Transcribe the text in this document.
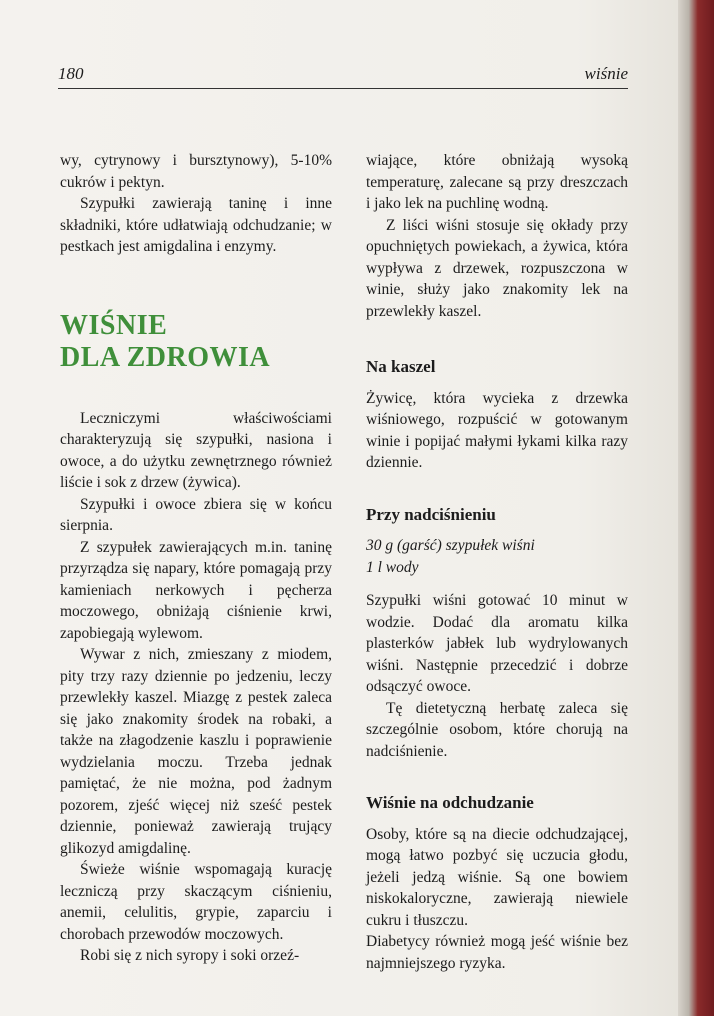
180	wiśnie

wy, cytrynowy i bursztynowy), 5-10% cukrów i pektyn.

Szypułki zawierają taninę i inne składniki, które udłatwiają odchudzanie; w pestkach jest amigdalina i enzymy.

WIŚNIE
DLA ZDROWIA

Leczniczymi właściwościami charakteryzują się szypułki, nasiona i owoce, a do użytku zewnętrznego również liście i sok z drzew (żywica).

Szypułki i owoce zbiera się w końcu sierpnia.

Z szypułek zawierających m.in. taninę przyrządza się napary, które pomagają przy kamieniach nerkowych i pęcherza moczowego, obniżają ciśnienie krwi, zapobiegają wylewom.

Wywar z nich, zmieszany z miodem, pity trzy razy dziennie po jedzeniu, leczy przewlekły kaszel. Miazgę z pestek zaleca się jako znakomity środek na robaki, a także na złagodzenie kaszlu i poprawienie wydzielania moczu. Trzeba jednak pamiętać, że nie można, pod żadnym pozorem, zjeść więcej niż sześć pestek dziennie, ponieważ zawierają trujący glikozyd amigdalinę.

Świeże wiśnie wspomagają kurację leczniczą przy skaczącym ciśnieniu, anemii, celulitis, grypie, zaparciu i chorobach przewodów moczowych.

Robi się z nich syropy i soki orzeź-

wiające, które obniżają wysoką temperaturę, zalecane są przy dreszczach i jako lek na puchlinę wodną.

Z liści wiśni stosuje się okłady przy opuchniętych powiekach, a żywica, która wypływa z drzewek, rozpuszczona w winie, służy jako znakomity lek na przewlekły kaszel.

Na kaszel

Żywicę, która wycieka z drzewka wiśniowego, rozpuścić w gotowanym winie i popijać małymi łykami kilka razy dziennie.

Przy nadciśnieniu

30 g (garść) szypułek wiśni

1 l wody

Szypułki wiśni gotować 10 minut w wodzie. Dodać dla aromatu kilka plasterków jabłek lub wydrylowanych wiśni. Następnie przecedzić i dobrze odsączyć owoce.

Tę dietetyczną herbatę zaleca się szczególnie osobom, które chorują na nadciśnienie.

Wiśnie na odchudzanie

Osoby, które są na diecie odchudzającej, mogą łatwo pozbyć się uczucia głodu, jeżeli jedzą wiśnie. Są one bowiem niskokaloryczne, zawierają niewiele cukru i tłuszczu.

Diabetycy również mogą jeść wiśnie bez najmniejszego ryzyka.
